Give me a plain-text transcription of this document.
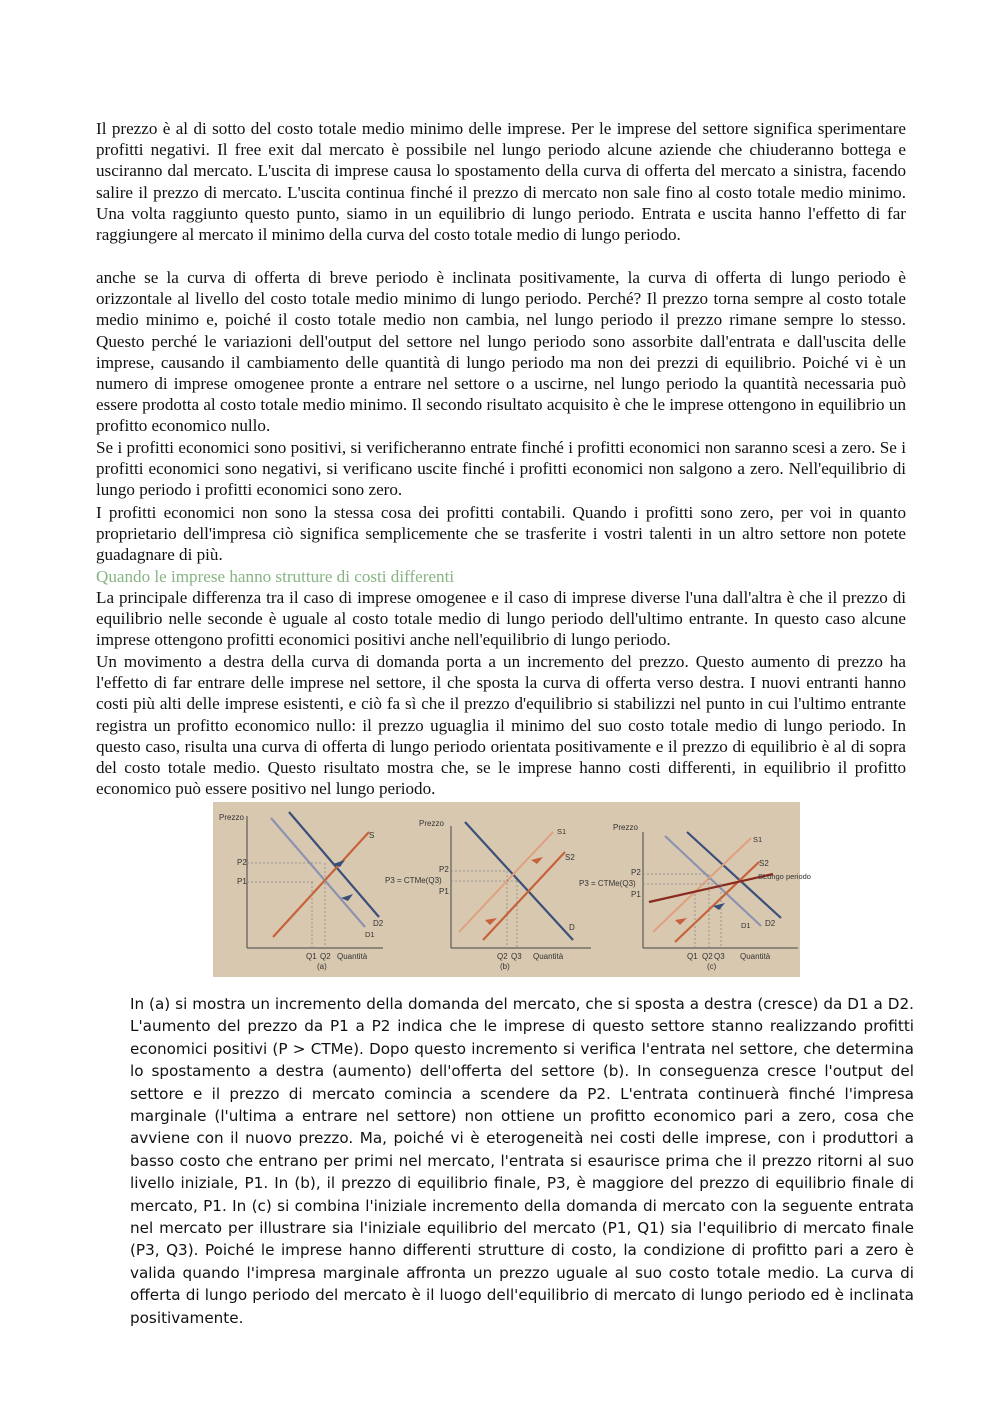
Il prezzo è al di sotto del costo totale medio minimo delle imprese. Per le imprese del settore significa sperimentare profitti negativi. Il free exit dal mercato è possibile nel lungo periodo alcune aziende che chiuderanno bottega e usciranno dal mercato. L'uscita di imprese causa lo spostamento della curva di offerta del mercato a sinistra, facendo salire il prezzo di mercato. L'uscita continua finché il prezzo di mercato non sale fino al costo totale medio minimo. Una volta raggiunto questo punto, siamo in un equilibrio di lungo periodo. Entrata e uscita hanno l'effetto di far raggiungere al mercato il minimo della curva del costo totale medio di lungo periodo.
anche se la curva di offerta di breve periodo è inclinata positivamente, la curva di offerta di lungo periodo è orizzontale al livello del costo totale medio minimo di lungo periodo. Perché? Il prezzo torna sempre al costo totale medio minimo e, poiché il costo totale medio non cambia, nel lungo periodo il prezzo rimane sempre lo stesso. Questo perché le variazioni dell'output del settore nel lungo periodo sono assorbite dall'entrata e dall'uscita delle imprese, causando il cambiamento delle quantità di lungo periodo ma non dei prezzi di equilibrio. Poiché vi è un numero di imprese omogenee pronte a entrare nel settore o a uscirne, nel lungo periodo la quantità necessaria può essere prodotta al costo totale medio minimo. Il secondo risultato acquisito è che le imprese ottengono in equilibrio un profitto economico nullo.
Se i profitti economici sono positivi, si verificheranno entrate finché i profitti economici non saranno scesi a zero. Se i profitti economici sono negativi, si verificano uscite finché i profitti economici non salgono a zero. Nell'equilibrio di lungo periodo i profitti economici sono zero.
I profitti economici non sono la stessa cosa dei profitti contabili. Quando i profitti sono zero, per voi in quanto proprietario dell'impresa ciò significa semplicemente che se trasferite i vostri talenti in un altro settore non potete guadagnare di più.
Quando le imprese hanno strutture di costi differenti
La principale differenza tra il caso di imprese omogenee e il caso di imprese diverse l'una dall'altra è che il prezzo di equilibrio nelle seconde è uguale al costo totale medio di lungo periodo dell'ultimo entrante. In questo caso alcune imprese ottengono profitti economici positivi anche nell'equilibrio di lungo periodo.
Un movimento a destra della curva di domanda porta a un incremento del prezzo. Questo aumento di prezzo ha l'effetto di far entrare delle imprese nel settore, il che sposta la curva di offerta verso destra. I nuovi entranti hanno costi più alti delle imprese esistenti, e ciò fa sì che il prezzo d'equilibrio si stabilizzi nel punto in cui l'ultimo entrante registra un profitto economico nullo: il prezzo uguaglia il minimo del suo costo totale medio di lungo periodo. In questo caso, risulta una curva di offerta di lungo periodo orientata positivamente e il prezzo di equilibrio è al di sopra del costo totale medio. Questo risultato mostra che, se le imprese hanno costi differenti, in equilibrio il profitto economico può essere positivo nel lungo periodo.
Prezzo
P2
P1
S
D2
D1
Q1 Q2 Quantità
(a)
Prezzo
P2
P3 = CTMe(Q3)
P1
S1
S2
D
Q2 Q3 Quantità
(b)
Prezzo
P2
P3 = CTMe(Q3)
P1
S1
S2
SLungo periodo
D1 D2
Q1 Q2 Q3 Quantità
(c)
In (a) si mostra un incremento della domanda del mercato, che si sposta a destra (cresce) da D1 a D2. L'aumento del prezzo da P1 a P2 indica che le imprese di questo settore stanno realizzando profitti economici positivi (P > CTMe). Dopo questo incremento si verifica l'entrata nel settore, che determina lo spostamento a destra (aumento) dell'offerta del settore (b). In conseguenza cresce l'output del settore e il prezzo di mercato comincia a scendere da P2. L'entrata continuerà finché l'impresa marginale (l'ultima a entrare nel settore) non ottiene un profitto economico pari a zero, cosa che avviene con il nuovo prezzo. Ma, poiché vi è eterogeneità nei costi delle imprese, con i produttori a basso costo che entrano per primi nel mercato, l'entrata si esaurisce prima che il prezzo ritorni al suo livello iniziale, P1. In (b), il prezzo di equilibrio finale, P3, è maggiore del prezzo di equilibrio finale di mercato, P1. In (c) si combina l'iniziale incremento della domanda di mercato con la seguente entrata nel mercato per illustrare sia l'iniziale equilibrio del mercato (P1, Q1) sia l'equilibrio di mercato finale (P3, Q3). Poiché le imprese hanno differenti strutture di costo, la condizione di profitto pari a zero è valida quando l'impresa marginale affronta un prezzo uguale al suo costo totale medio. La curva di offerta di lungo periodo del mercato è il luogo dell'equilibrio di mercato di lungo periodo ed è inclinata positivamente.
